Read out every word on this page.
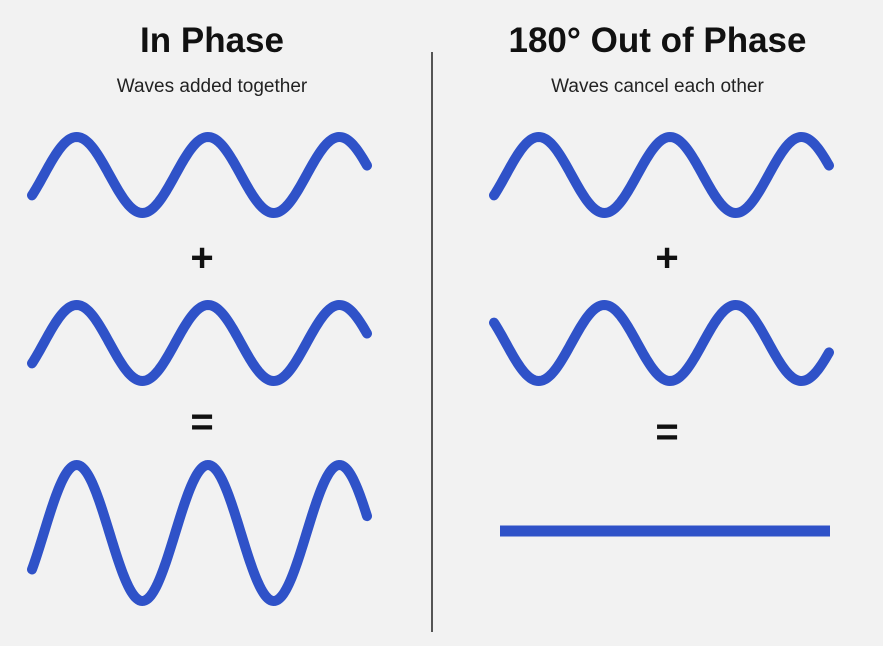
In Phase
Waves added together
+
=
180° Out of Phase
Waves cancel each other
+
=
